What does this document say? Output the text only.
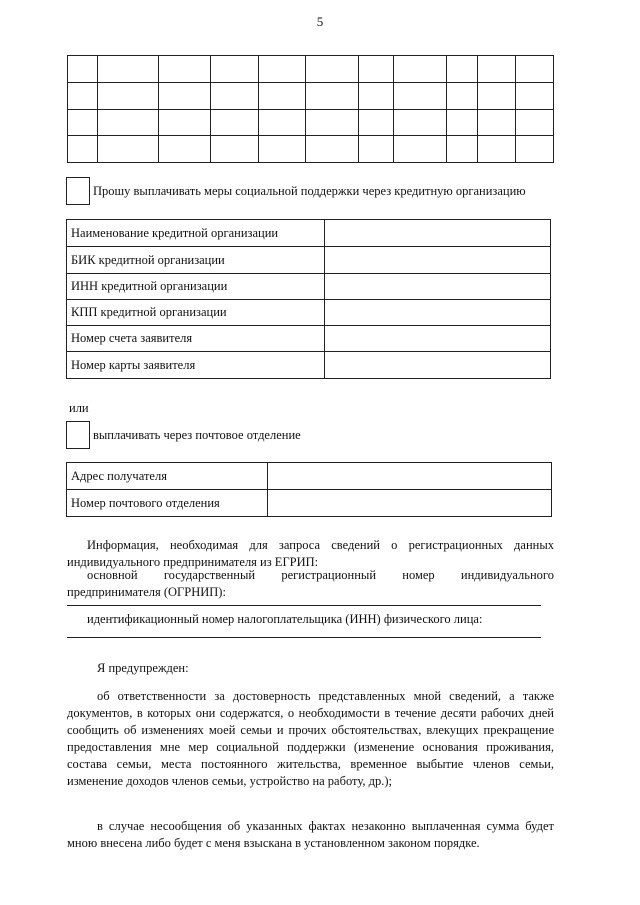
5

Прошу выплачивать меры социальной поддержки через кредитную организацию
Наименование кредитной организации	
БИК кредитной организации	
ИНН кредитной организации	
КПП кредитной организации	
Номер счета заявителя	
Номер карты заявителя	
или
выплачивать через почтовое отделение
Адрес получателя	
Номер почтового отделения	
Информация, необходимая для запроса сведений о регистрационных данных индивидуального предпринимателя из ЕГРИП:
основной государственный регистрационный номер индивидуального предпринимателя (ОГРНИП):
идентификационный номер налогоплательщика (ИНН) физического лица:
Я предупрежден:
об ответственности за достоверность представленных мной сведений, а также документов, в которых они содержатся, о необходимости в течение десяти рабочих дней сообщить об изменениях моей семьи и прочих обстоятельствах, влекущих прекращение предоставления мне мер социальной поддержки (изменение основания проживания, состава семьи, места постоянного жительства, временное выбытие членов семьи, изменение доходов членов семьи, устройство на работу, др.);
в случае несообщения об указанных фактах незаконно выплаченная сумма будет мною внесена либо будет с меня взыскана в установленном законом порядке.
